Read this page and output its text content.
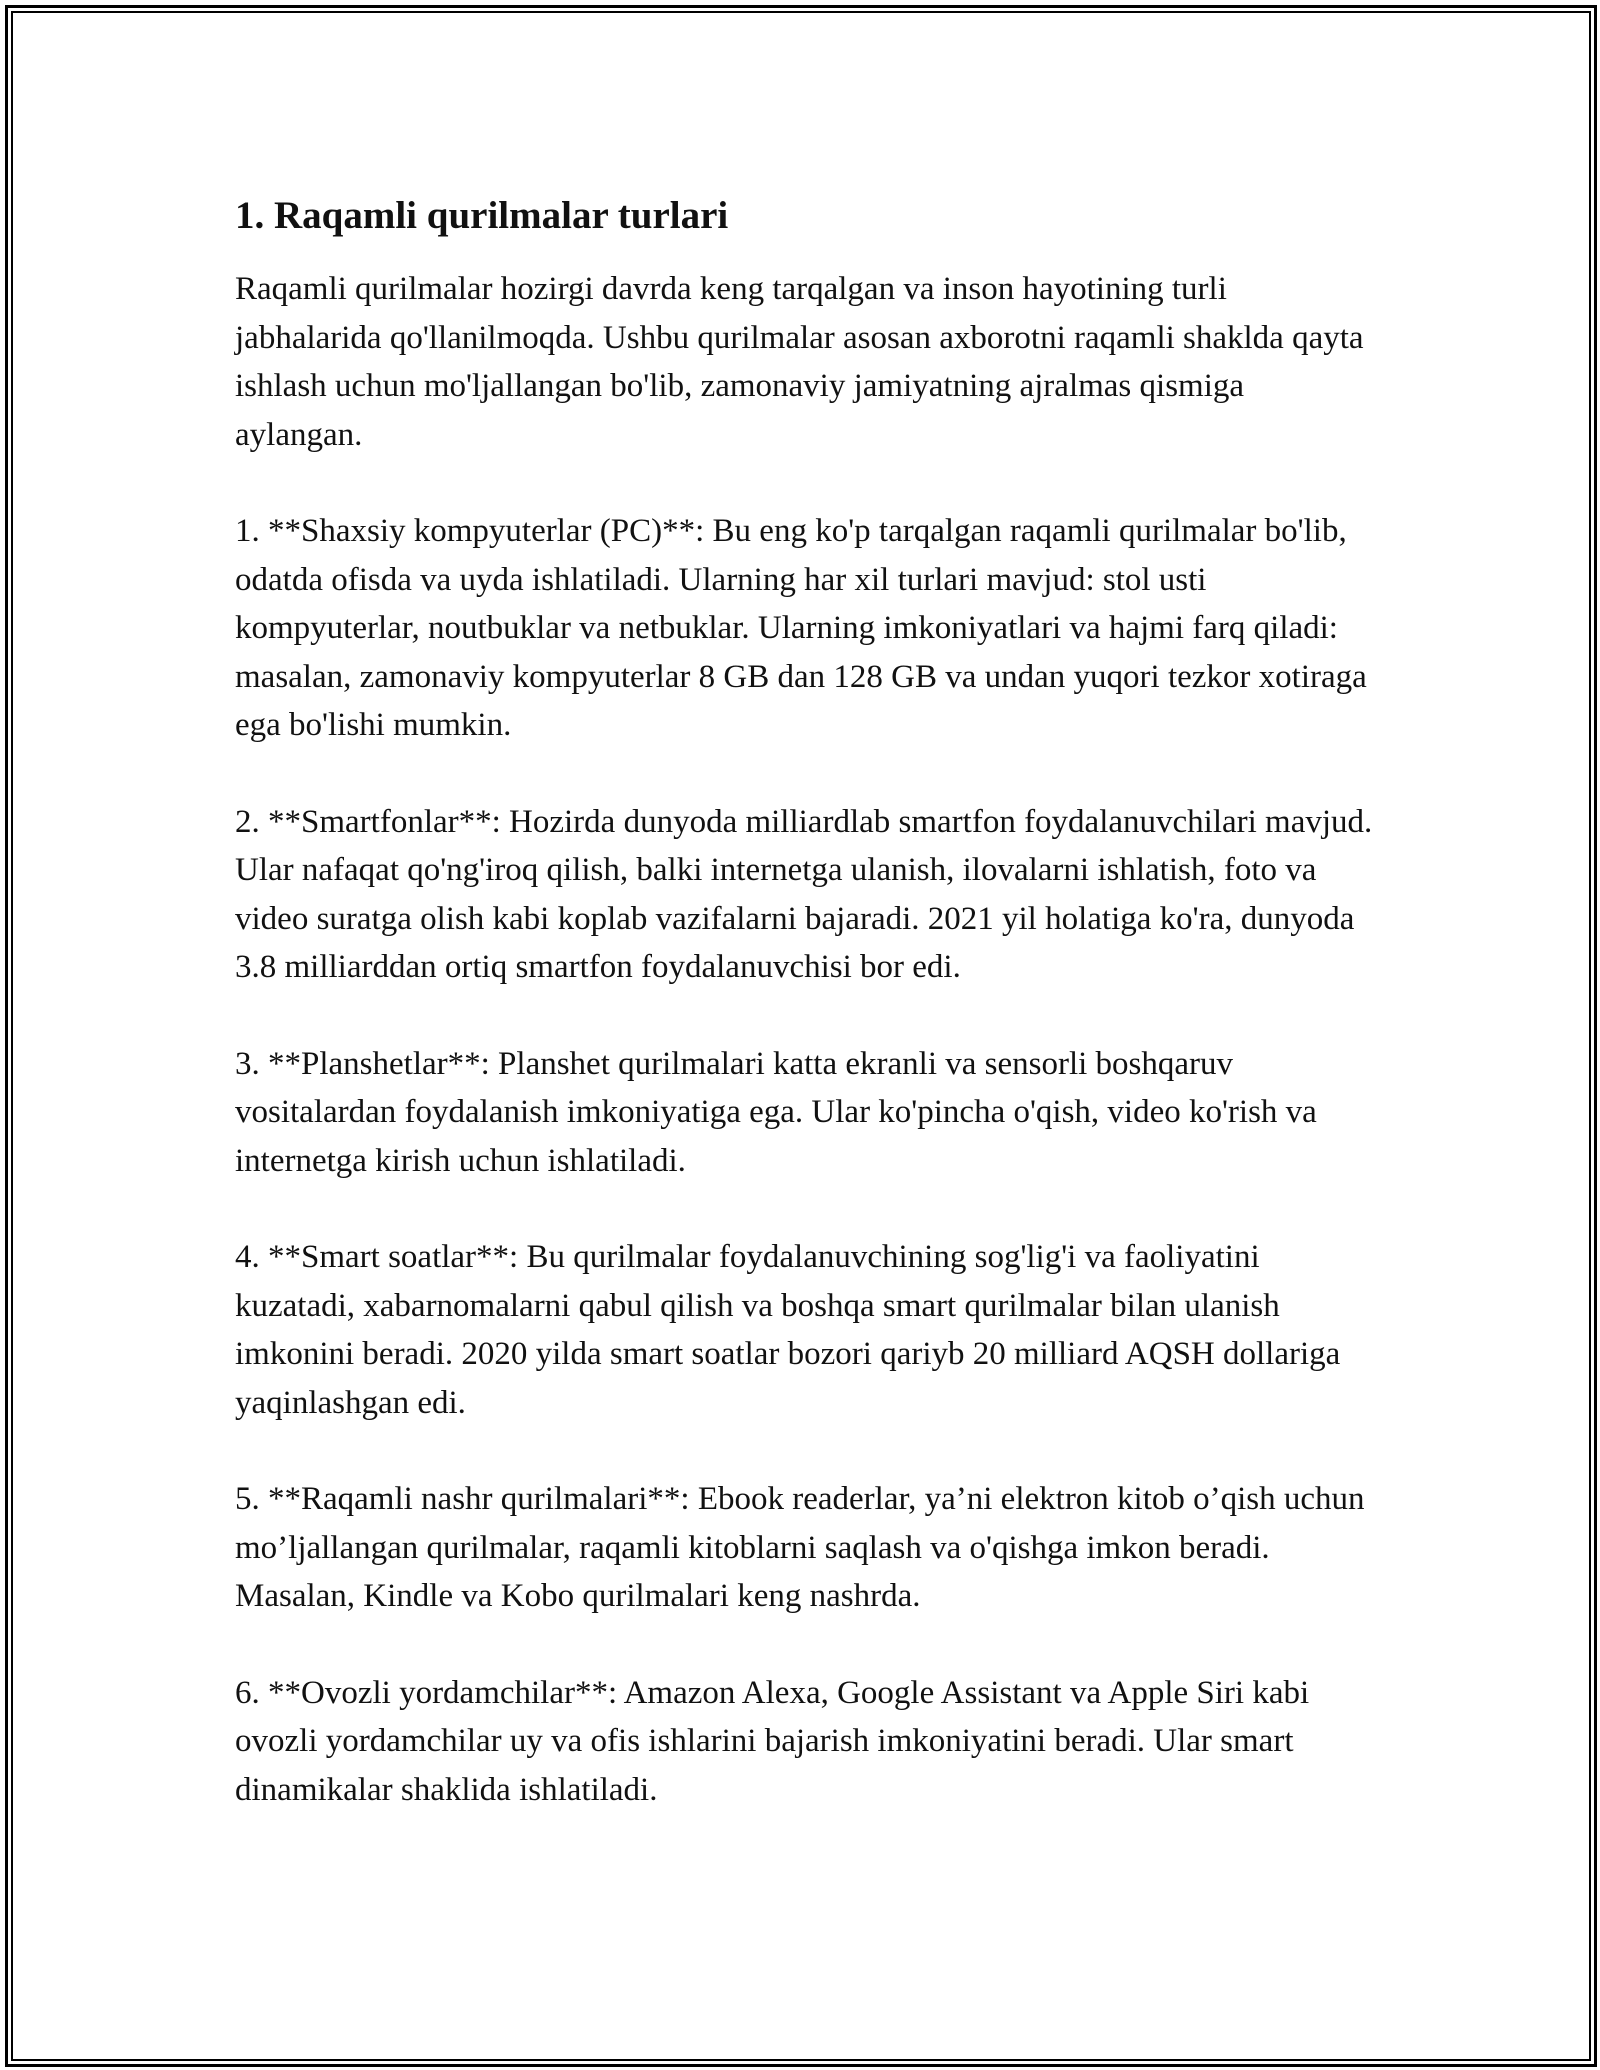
1. Raqamli qurilmalar turlari

Raqamli qurilmalar hozirgi davrda keng tarqalgan va inson hayotining turli jabhalarida qo'llanilmoqda. Ushbu qurilmalar asosan axborotni raqamli shaklda qayta ishlash uchun mo'ljallangan bo'lib, zamonaviy jamiyatning ajralmas qismiga aylangan.

1. **Shaxsiy kompyuterlar (PC)**: Bu eng ko'p tarqalgan raqamli qurilmalar bo'lib, odatda ofisda va uyda ishlatiladi. Ularning har xil turlari mavjud: stol usti kompyuterlar, noutbuklar va netbuklar. Ularning imkoniyatlari va hajmi farq qiladi: masalan, zamonaviy kompyuterlar 8 GB dan 128 GB va undan yuqori tezkor xotiraga ega bo'lishi mumkin.

2. **Smartfonlar**: Hozirda dunyoda milliardlab smartfon foydalanuvchilari mavjud. Ular nafaqat qo'ng'iroq qilish, balki internetga ulanish, ilovalarni ishlatish, foto va video suratga olish kabi koplab vazifalarni bajaradi. 2021 yil holatiga ko'ra, dunyoda 3.8 milliarddan ortiq smartfon foydalanuvchisi bor edi.

3. **Planshetlar**: Planshet qurilmalari katta ekranli va sensorli boshqaruv vositalardan foydalanish imkoniyatiga ega. Ular ko'pincha o'qish, video ko'rish va internetga kirish uchun ishlatiladi.

4. **Smart soatlar**: Bu qurilmalar foydalanuvchining sog'lig'i va faoliyatini kuzatadi, xabarnomalarni qabul qilish va boshqa smart qurilmalar bilan ulanish imkonini beradi. 2020 yilda smart soatlar bozori qariyb 20 milliard AQSH dollariga yaqinlashgan edi.

5. **Raqamli nashr qurilmalari**: Ebook readerlar, ya’ni elektron kitob o’qish uchun mo’ljallangan qurilmalar, raqamli kitoblarni saqlash va o'qishga imkon beradi. Masalan, Kindle va Kobo qurilmalari keng nashrda.

6. **Ovozli yordamchilar**: Amazon Alexa, Google Assistant va Apple Siri kabi ovozli yordamchilar uy va ofis ishlarini bajarish imkoniyatini beradi. Ular smart dinamikalar shaklida ishlatiladi.
